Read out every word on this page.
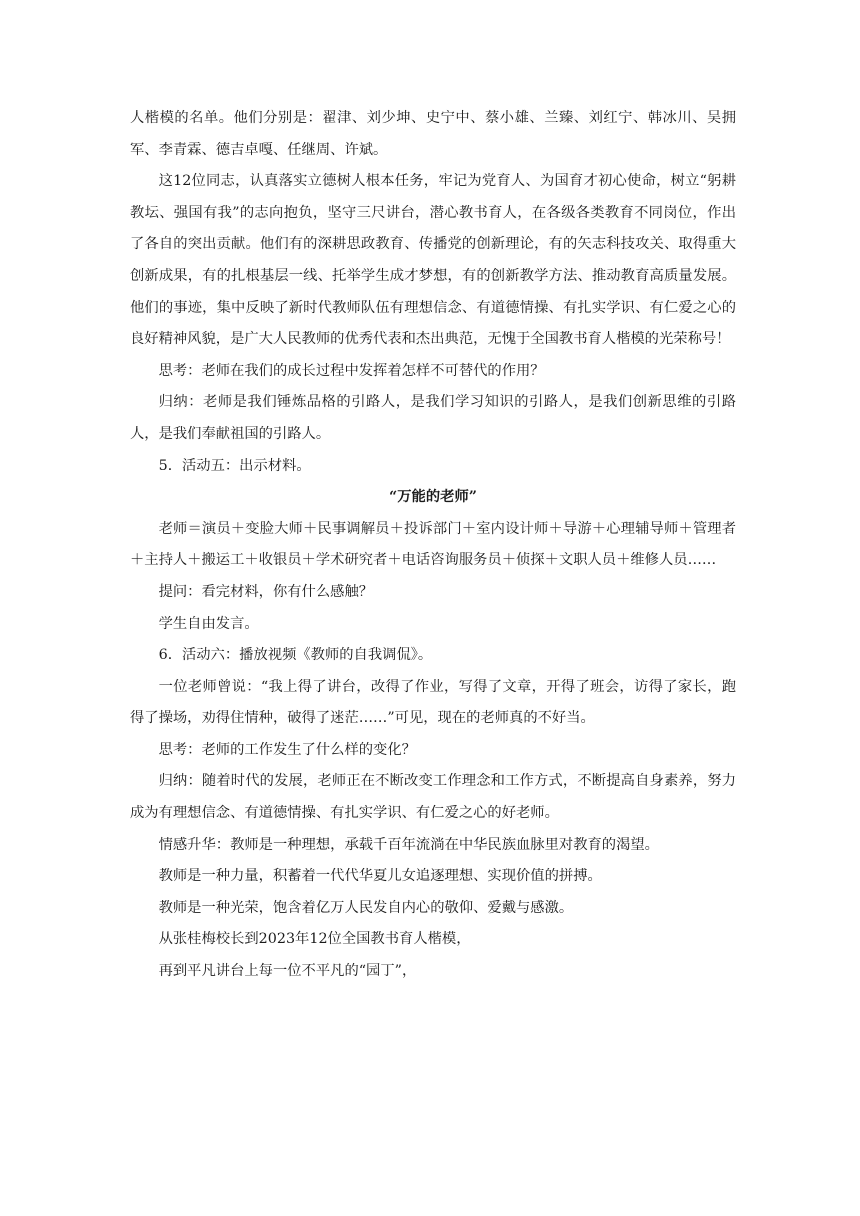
人楷模的名单。他们分别是：翟津、刘少坤、史宁中、蔡小雄、兰臻、刘红宁、韩冰川、吴拥军、李青霖、德吉卓嘎、任继周、许斌。

这12位同志，认真落实立德树人根本任务，牢记为党育人、为国育才初心使命，树立“躬耕教坛、强国有我”的志向抱负，坚守三尺讲台，潜心教书育人，在各级各类教育不同岗位，作出了各自的突出贡献。他们有的深耕思政教育、传播党的创新理论，有的矢志科技攻关、取得重大创新成果，有的扎根基层一线、托举学生成才梦想，有的创新教学方法、推动教育高质量发展。他们的事迹，集中反映了新时代教师队伍有理想信念、有道德情操、有扎实学识、有仁爱之心的良好精神风貌，是广大人民教师的优秀代表和杰出典范，无愧于全国教书育人楷模的光荣称号！

思考：老师在我们的成长过程中发挥着怎样不可替代的作用？

归纳：老师是我们锤炼品格的引路人，是我们学习知识的引路人，是我们创新思维的引路人，是我们奉献祖国的引路人。

5．活动五：出示材料。

“万能的老师”

老师＝演员＋变脸大师＋民事调解员＋投诉部门＋室内设计师＋导游＋心理辅导师＋管理者＋主持人＋搬运工＋收银员＋学术研究者＋电话咨询服务员＋侦探＋文职人员＋维修人员……

提问：看完材料，你有什么感触？

学生自由发言。

6．活动六：播放视频《教师的自我调侃》。

一位老师曾说：“我上得了讲台，改得了作业，写得了文章，开得了班会，访得了家长，跑得了操场，劝得住情种，破得了迷茫……”可见，现在的老师真的不好当。

思考：老师的工作发生了什么样的变化？

归纳：随着时代的发展，老师正在不断改变工作理念和工作方式，不断提高自身素养，努力成为有理想信念、有道德情操、有扎实学识、有仁爱之心的好老师。

情感升华：教师是一种理想，承载千百年流淌在中华民族血脉里对教育的渴望。

教师是一种力量，积蓄着一代代华夏儿女追逐理想、实现价值的拼搏。

教师是一种光荣，饱含着亿万人民发自内心的敬仰、爱戴与感激。

从张桂梅校长到2023年12位全国教书育人楷模，

再到平凡讲台上每一位不平凡的“园丁”，
